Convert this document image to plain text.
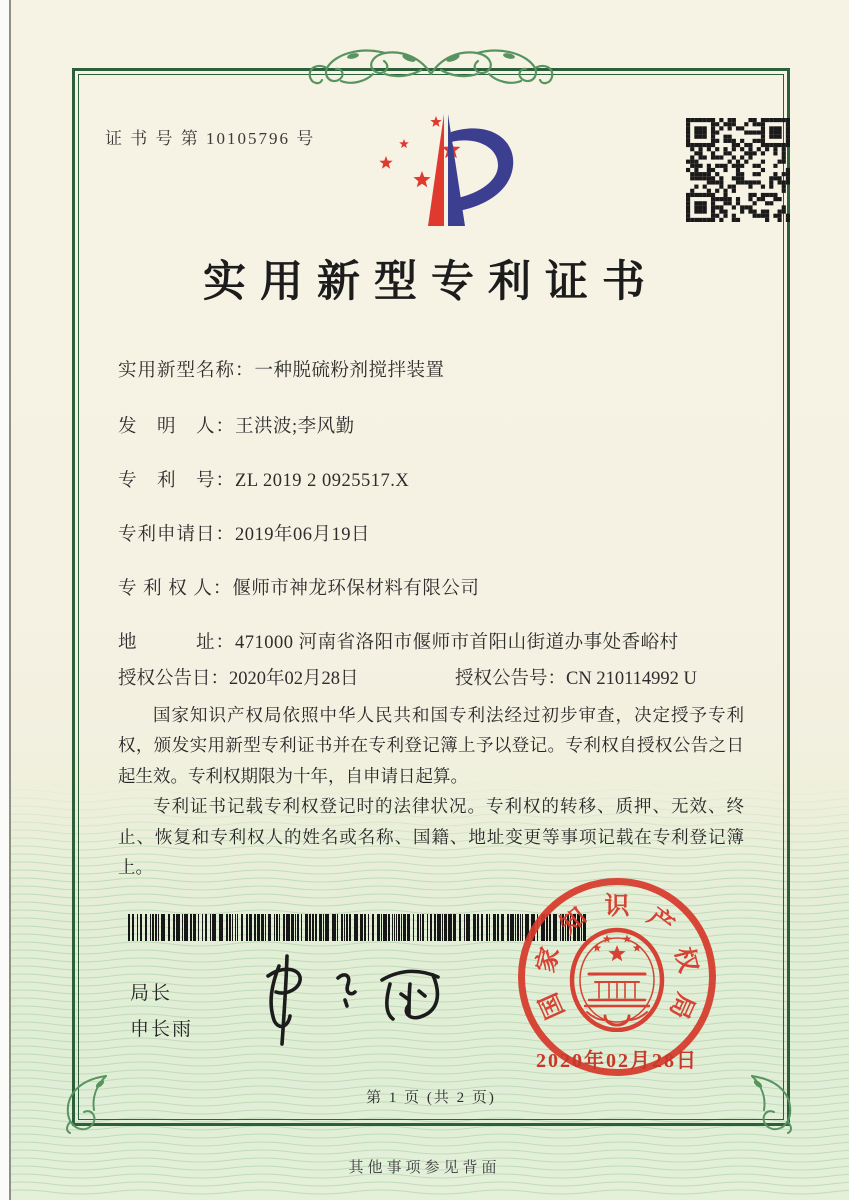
证 书 号 第 10105796 号
实用新型专利证书
实用新型名称：一种脱硫粉剂搅拌装置
发　明　人：王洪波;李风勤
专　利　号：ZL 2019 2 0925517.X
专利申请日：2019年06月19日
专 利 权 人：偃师市神龙环保材料有限公司
地　　　址：471000 河南省洛阳市偃师市首阳山街道办事处香峪村
授权公告日：2020年02月28日	授权公告号：CN 210114992 U

国家知识产权局依照中华人民共和国专利法经过初步审查，决定授予专利权，颁发实用新型专利证书并在专利登记簿上予以登记。专利权自授权公告之日起生效。专利权期限为十年，自申请日起算。

专利证书记载专利权登记时的法律状况。专利权的转移、质押、无效、终止、恢复和专利权人的姓名或名称、国籍、地址变更等事项记载在专利登记簿上。

局长
申长雨
国
家
知 识 产
权
局
2020年02月28日
第 1 页 (共 2 页)
其他事项参见背面
